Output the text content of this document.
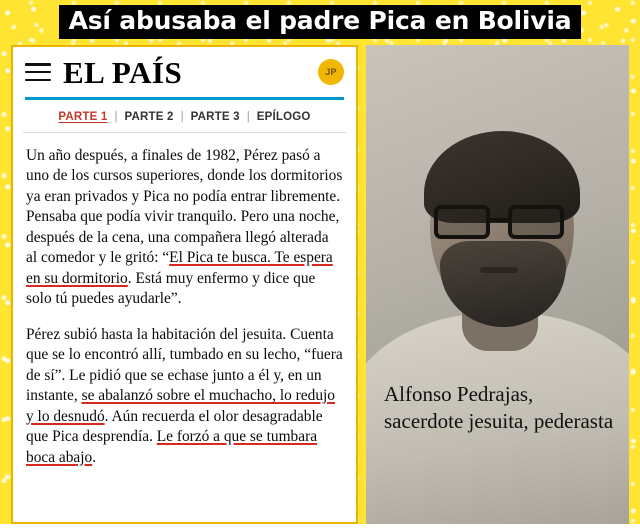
Así abusaba el padre Pica en Bolivia
EL PAÍS	JP
PARTE 1 | PARTE 2 | PARTE 3 | EPÍLOGO

Un año después, a finales de 1982, Pérez pasó a uno de los cursos superiores, donde los dormitorios ya eran privados y Pica no podía entrar libremente. Pensaba que podía vivir tranquilo. Pero una noche, después de la cena, una compañera llegó alterada al comedor y le gritó: “El Pica te busca. Te espera en su dormitorio. Está muy enfermo y dice que solo tú puedes ayudarle”.

Pérez subió hasta la habitación del jesuita. Cuenta que se lo encontró allí, tumbado en su lecho, “fuera de sí”. Le pidió que se echase junto a él y, en un instante, se abalanzó sobre el muchacho, lo redujo y lo desnudó. Aún recuerda el olor desagradable que Pica desprendía. Le forzó a que se tumbara boca abajo.

Alfonso Pedrajas, sacerdote jesuita, pederasta
